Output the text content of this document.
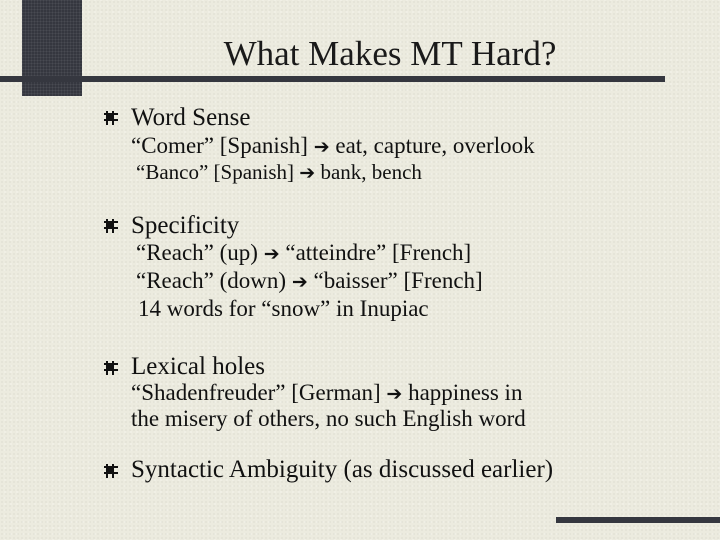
What Makes MT Hard?
Word Sense
“Comer” [Spanish] ➔ eat, capture, overlook
“Banco” [Spanish] ➔ bank, bench
Specificity
“Reach” (up) ➔ “atteindre” [French]
“Reach” (down) ➔ “baisser” [French]
14 words for “snow” in Inupiac
Lexical holes
“Shadenfreuder” [German] ➔ happiness in
the misery of others, no such English word
Syntactic Ambiguity (as discussed earlier)
